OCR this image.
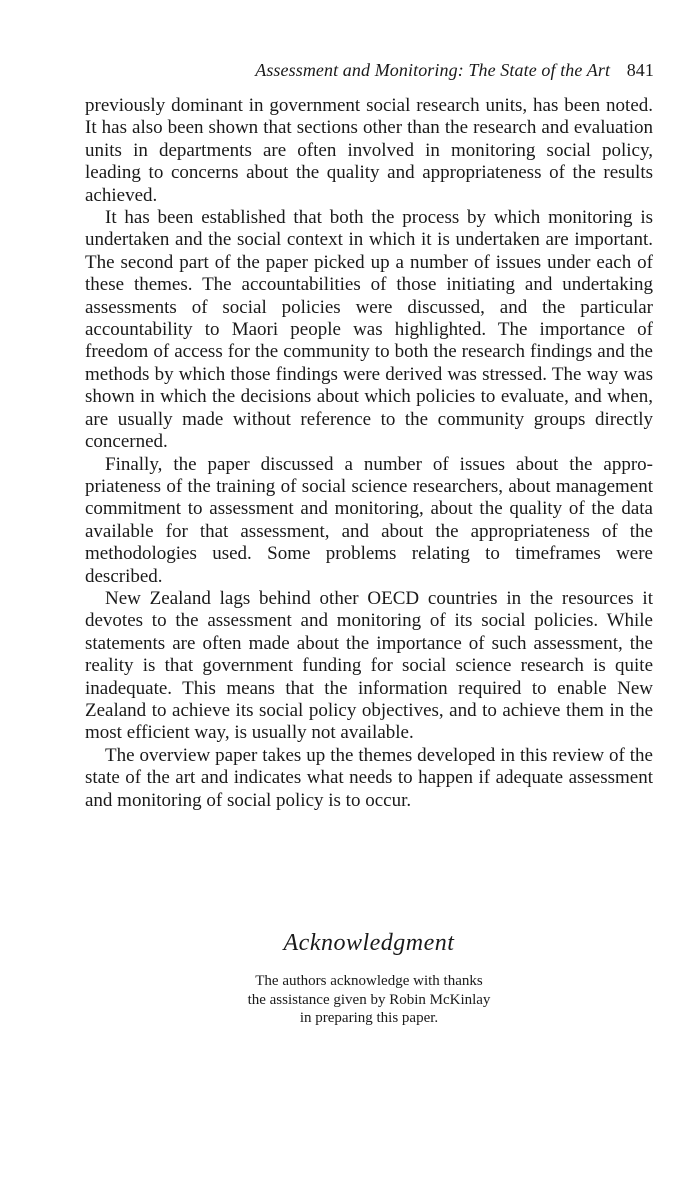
Assessment and Monitoring: The State of the Art 841

previously dominant in government social research units, has been noted. It has also been shown that sections other than the research and evaluation units in departments are often involved in monitoring social policy, leading to concerns about the quality and appropriateness of the results achieved.

It has been established that both the process by which monitoring is undertaken and the social context in which it is undertaken are important. The second part of the paper picked up a number of issues under each of these themes. The accountabilities of those initiating and undertaking assessments of social policies were discussed, and the particular accountability to Maori people was highlighted. The importance of freedom of access for the community to both the research findings and the methods by which those findings were derived was stressed. The way was shown in which the decisions about which policies to evaluate, and when, are usually made without reference to the community groups directly concerned.

Finally, the paper discussed a number of issues about the appropriateness of the training of social science researchers, about management commitment to assessment and monitoring, about the quality of the data available for that assessment, and about the appropriateness of the methodologies used. Some problems relating to timeframes were described.

New Zealand lags behind other OECD countries in the resources it devotes to the assessment and monitoring of its social policies. While statements are often made about the importance of such assessment, the reality is that government funding for social science research is quite inadequate. This means that the information required to enable New Zealand to achieve its social policy objectives, and to achieve them in the most efficient way, is usually not available.

The overview paper takes up the themes developed in this review of the state of the art and indicates what needs to happen if adequate assessment and monitoring of social policy is to occur.

Acknowledgment
The authors acknowledge with thanks
the assistance given by Robin McKinlay
in preparing this paper.
